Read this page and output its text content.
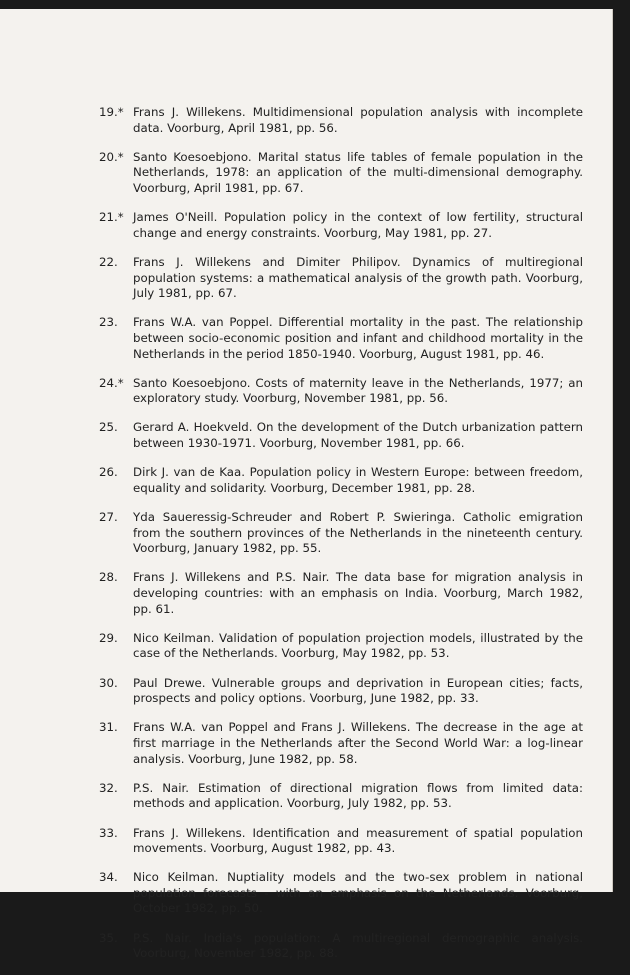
19.* Frans J. Willekens. Multidimensional population analysis with incomplete data. Voorburg, April 1981, pp. 56.
20.* Santo Koesoebjono. Marital status life tables of female population in the Netherlands, 1978: an application of the multi-dimensional demography. Voorburg, April 1981, pp. 67.
21.* James O'Neill. Population policy in the context of low fertility, structural change and energy constraints. Voorburg, May 1981, pp. 27.
22.	Frans J. Willekens and Dimiter Philipov. Dynamics of multiregional population systems: a mathematical analysis of the growth path. Voorburg, July 1981, pp. 67.
23.	Frans W.A. van Poppel. Differential mortality in the past. The relationship between socio-economic position and infant and childhood mortality in the Netherlands in the period 1850-1940. Voorburg, August 1981, pp. 46.
24.* Santo Koesoebjono. Costs of maternity leave in the Netherlands, 1977; an exploratory study. Voorburg, November 1981, pp. 56.
25.	Gerard A. Hoekveld. On the development of the Dutch urbanization pattern between 1930-1971. Voorburg, November 1981, pp. 66.
26.	Dirk J. van de Kaa. Population policy in Western Europe: between freedom, equality and solidarity. Voorburg, December 1981, pp. 28.
27.	Yda Saueressig-Schreuder and Robert P. Swieringa. Catholic emigration from the southern provinces of the Netherlands in the nineteenth century. Voorburg, January 1982, pp. 55.
28.	Frans J. Willekens and P.S. Nair. The data base for migration analysis in developing countries: with an emphasis on India. Voorburg, March 1982, pp. 61.
29.	Nico Keilman. Validation of population projection models, illustrated by the case of the Netherlands. Voorburg, May 1982, pp. 53.
30.	Paul Drewe. Vulnerable groups and deprivation in European cities; facts, prospects and policy options. Voorburg, June 1982, pp. 33.
31.	Frans W.A. van Poppel and Frans J. Willekens. The decrease in the age at first marriage in the Netherlands after the Second World War: a log-linear analysis. Voorburg, June 1982, pp. 58.
32.	P.S. Nair. Estimation of directional migration flows from limited data: methods and application. Voorburg, July 1982, pp. 53.
33.	Frans J. Willekens. Identification and measurement of spatial population movements. Voorburg, August 1982, pp. 43.
34.	Nico Keilman. Nuptiality models and the two-sex problem in national population forecasts - with an emphasis on the Netherlands. Voorburg, October 1982, pp. 50.
35.	P.S. Nair. India's population: A multiregional demographic analysis. Voorburg, November 1982, pp. 88.
